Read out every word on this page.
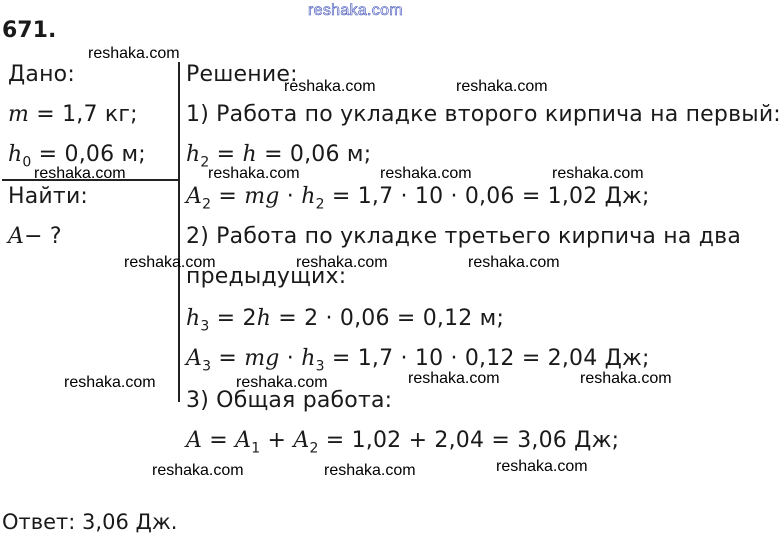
671.
reshaka.com
Дано:
m = 1,7 кг;
$h_0 = 0,06$ м;
Найти:
A− ?
Решение:
1) Работа по укладке второго кирпича на первый:
$h_2 = h = 0,06$ м;
$A_2$ = mg · $h_2 = 1,7 \cdot 10 \cdot 0,06 = 1,02$ Дж;
2) Работа по укладке третьего кирпича на два
предыдущих:
$h_3 = 2h = 2 \cdot 0,06 = 0,12$ м;
$A_3$ = mg · $h_3 = 1,7 \cdot 10 \cdot 0,12 = 2,04$ Дж;
3) Общая работа:
$A = A_1 + A_2 = 1,02 + 2,04 = 3,06$ Дж;
Ответ: 3,06 Дж.
reshaka.com
reshaka.com	reshaka.com
reshaka.com	reshaka.com	reshaka.com	reshaka.com
reshaka.com	reshaka.com	reshaka.com
reshaka.com	reshaka.com	reshaka.com	reshaka.com
reshaka.com	reshaka.com	reshaka.com
